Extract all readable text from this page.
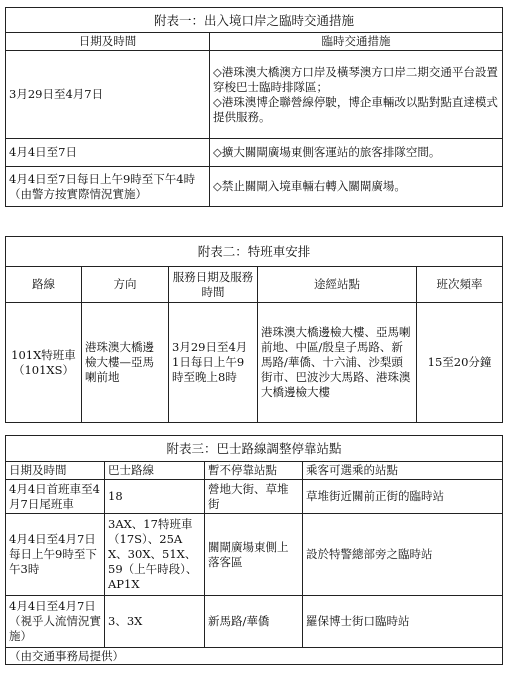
附表一：出入境口岸之臨時交通措施	
日期及時間	臨時交通措施
3月29日至4月7日	◇港珠澳大橋澳方口岸及橫琴澳方口岸二期交通平台設置穿梭巴士臨時排隊區；
◇港珠澳博企聯營線停駛，博企車輛改以點對點直達模式提供服務。
4月4日至7日	◇擴大關閘廣場東側客運站的旅客排隊空間。
4月4日至7日每日上午9時至下午4時（由警方按實際情況實施）	◇禁止關閘入境車輛右轉入關閘廣場。
附表二：特班車安排				
路線	方向	服務日期及服務時間	途經站點	班次頻率
101X特班車（101XS）	港珠澳大橋邊檢大樓—亞馬喇前地	3月29日至4月1日每日上午9時至晚上8時	港珠澳大橋邊檢大樓、亞馬喇前地、中區/殷皇子馬路、新馬路/華僑、十六浦、沙梨頭街市、巴波沙大馬路、港珠澳大橋邊檢大樓	15至20分鐘
附表三：巴士路線調整停靠站點			
日期及時間	巴士路線	暫不停靠站點	乘客可選乘的站點
4月4日首班車至4月7日尾班車	18	營地大街、草堆街	草堆街近關前正街的臨時站
4月4日至4月7日每日上午9時至下午3時	3AX、17特班車（17S）、25AX、30X、51X、59（上午時段）、AP1X	關閘廣場東側上落客區	設於特警總部旁之臨時站
4月4日至4月7日（視乎人流情況實施）	3、3X	新馬路/華僑	羅保博士街口臨時站
（由交通事務局提供）			
